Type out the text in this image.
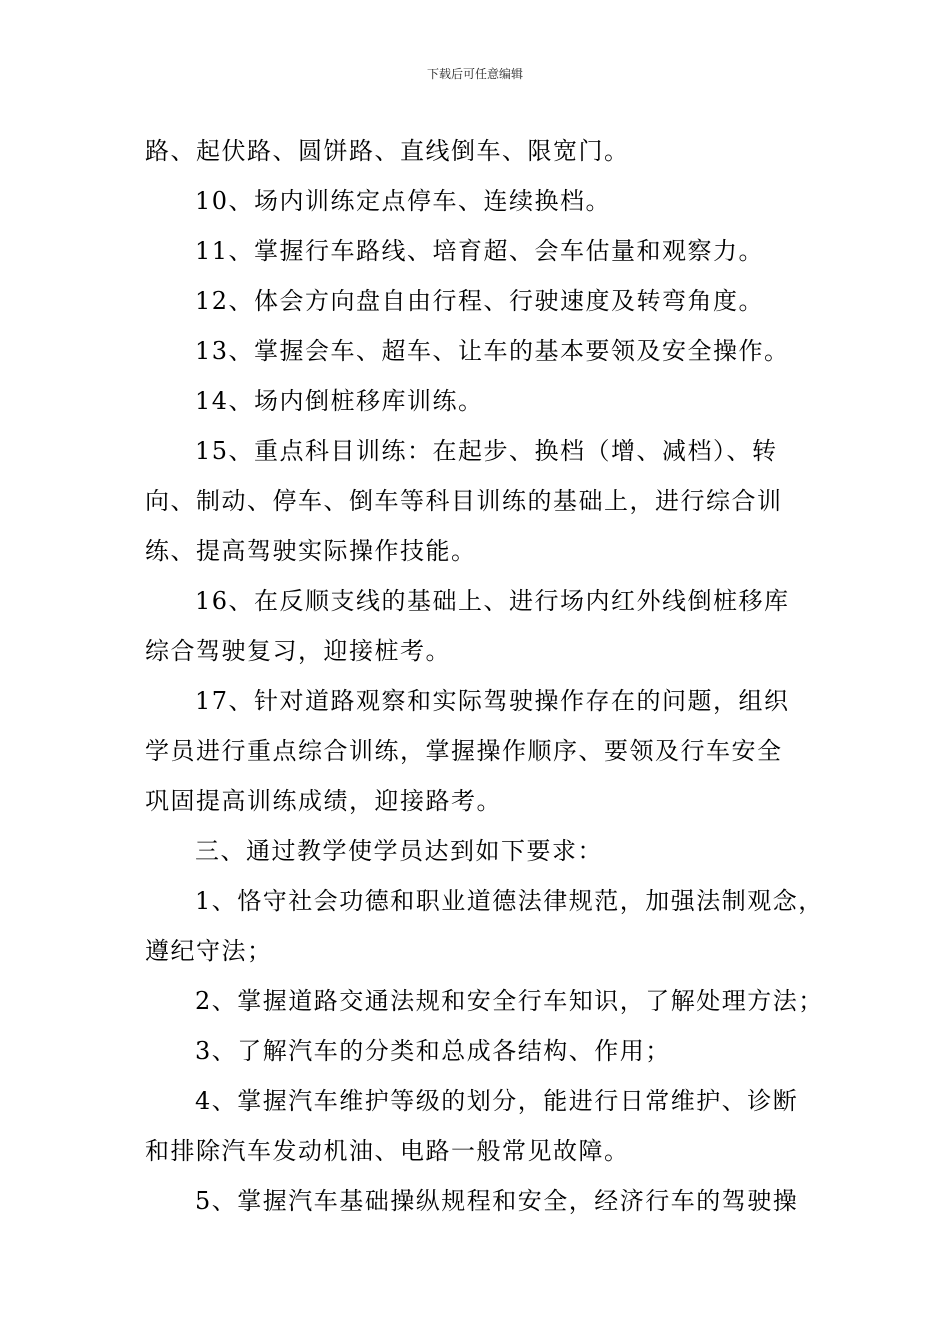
下载后可任意编辑

路、起伏路、圆饼路、直线倒车、限宽门。

10、场内训练定点停车、连续换档。

11、掌握行车路线、培育超、会车估量和观察力。

12、体会方向盘自由行程、行驶速度及转弯角度。

13、掌握会车、超车、让车的基本要领及安全操作。

14、场内倒桩移库训练。

15、重点科目训练：在起步、换档（增、减档）、转

向、制动、停车、倒车等科目训练的基础上，进行综合训

练、提高驾驶实际操作技能。

16、在反顺支线的基础上、进行场内红外线倒桩移库

综合驾驶复习，迎接桩考。

17、针对道路观察和实际驾驶操作存在的问题，组织

学员进行重点综合训练，掌握操作顺序、要领及行车安全

巩固提高训练成绩，迎接路考。

三、通过教学使学员达到如下要求：

1、恪守社会功德和职业道德法律规范，加强法制观念，

遵纪守法；

2、掌握道路交通法规和安全行车知识，了解处理方法；

3、了解汽车的分类和总成各结构、作用；

4、掌握汽车维护等级的划分，能进行日常维护、诊断

和排除汽车发动机油、电路一般常见故障。

5、掌握汽车基础操纵规程和安全，经济行车的驾驶操
